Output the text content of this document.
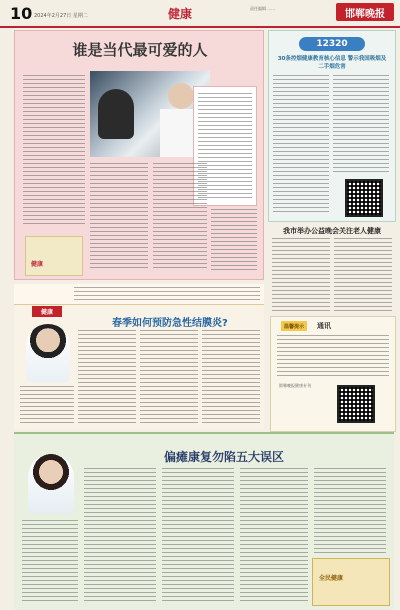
10 2024年2月27日 星期二	健康	责任编辑 ……	邯郸晚报
谁是当代最可爱的人
健康
12320
30条控烟健康教育核心信息 警示我国吸烟及二手烟危害
我市举办公益晚会关注老人健康
温馨提示	通讯
邯郸晚报健康专刊
健康
春季如何预防急性结膜炎?
偏瘫康复勿陷五大误区
全民健康
